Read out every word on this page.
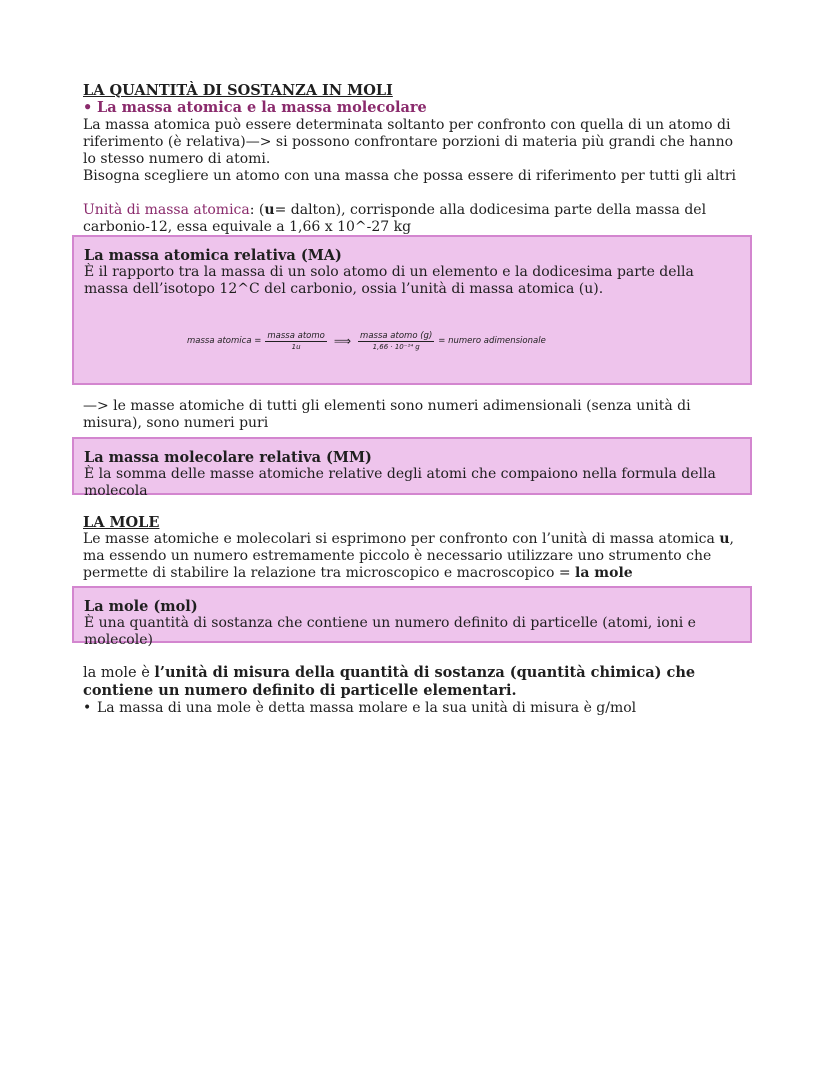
LA QUANTITÀ DI SOSTANZA IN MOLI

• La massa atomica e la massa molecolare

La massa atomica può essere determinata soltanto per confronto con quella di un atomo di riferimento (è relativa)—> si possono confrontare porzioni di materia più grandi che hanno lo stesso numero di atomi.

Bisogna scegliere un atomo con una massa che possa essere di riferimento per tutti gli altri

Unità di massa atomica: (u= dalton), corrisponde alla dodicesima parte della massa del carbonio-12, essa equivale a 1,66 x 10^-27 kg

La massa atomica relativa (MA)

È il rapporto tra la massa di un solo atomo di un elemento e la dodicesima parte della massa dell’isotopo 12^C del carbonio, ossia l’unità di massa atomica (u).

massa atomica = $\frac{\text{massa atomo}}{1u}$ ⟹ $\frac{\text{massa atomo (g)}}{\text{1,66 · 10⁻²⁴ g}}$ = numero adimensionale

—> le masse atomiche di tutti gli elementi sono numeri adimensionali (senza unità di misura), sono numeri puri

La massa molecolare relativa (MM)

È la somma delle masse atomiche relative degli atomi che compaiono nella formula della molecola

LA MOLE

Le masse atomiche e molecolari si esprimono per confronto con l’unità di massa atomica u, ma essendo un numero estremamente piccolo è necessario utilizzare uno strumento che permette di stabilire la relazione tra microscopico e macroscopico = la mole

La mole (mol)

È una quantità di sostanza che contiene un numero definito di particelle (atomi, ioni e molecole)

la mole è l’unità di misura della quantità di sostanza (quantità chimica) che contiene un numero definito di particelle elementari.

• La massa di una mole è detta massa molare e la sua unità di misura è g/mol
